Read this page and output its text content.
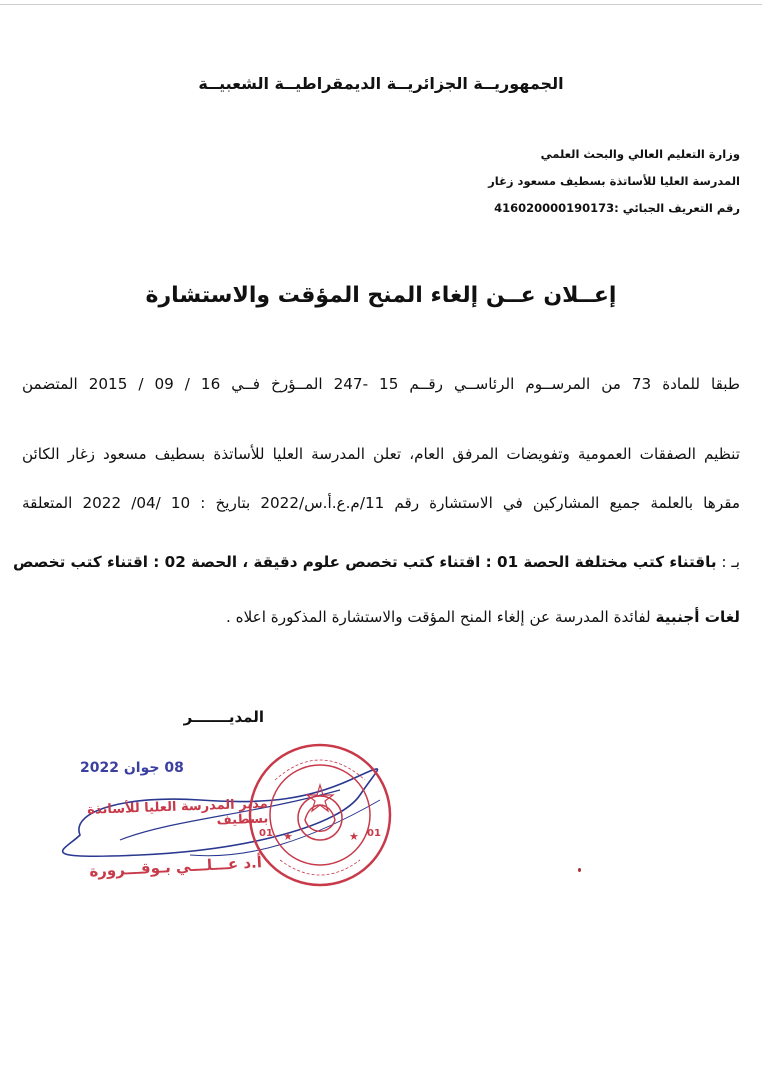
الجمهوريــة الجزائريــة الديمقراطيــة الشعبيــة
وزارة التعليم العالي والبحث العلمي
المدرسة العليا للأساتذة بسطيف مسعود زغار
رقم التعريف الجبائي :416020000190173
إعــلان عــن إلغاء المنح المؤقت والاستشارة
طبقا للمادة 73 من المرســوم الرئاســي رقــم 15 -247 المــؤرخ فــي 16 / 09 / 2015 المتضمن
تنظيم الصفقات العمومية وتفويضات المرفق العام، تعلن المدرسة العليا للأساتذة بسطيف مسعود زغار الكائن
مقرها بالعلمة جميع المشاركين في الاستشارة رقم 11/م.ع.أ.س/2022 بتاريخ : 10 /04/ 2022 المتعلقة
بـ : باقتناء كتب مختلفة الحصة 01 : اقتناء كتب تخصص علوم دقيقة ، الحصة 02 : اقتناء كتب تخصص
لغات أجنبية لفائدة المدرسة عن إلغاء المنح المؤقت والاستشارة المذكورة اعلاه .
المديـــــــر
08 جوان 2022
مدير المدرسة العليا للأساتذة بسطيف
أ.د عـــلـــي بـوقـــرورة
★	★
01	01
